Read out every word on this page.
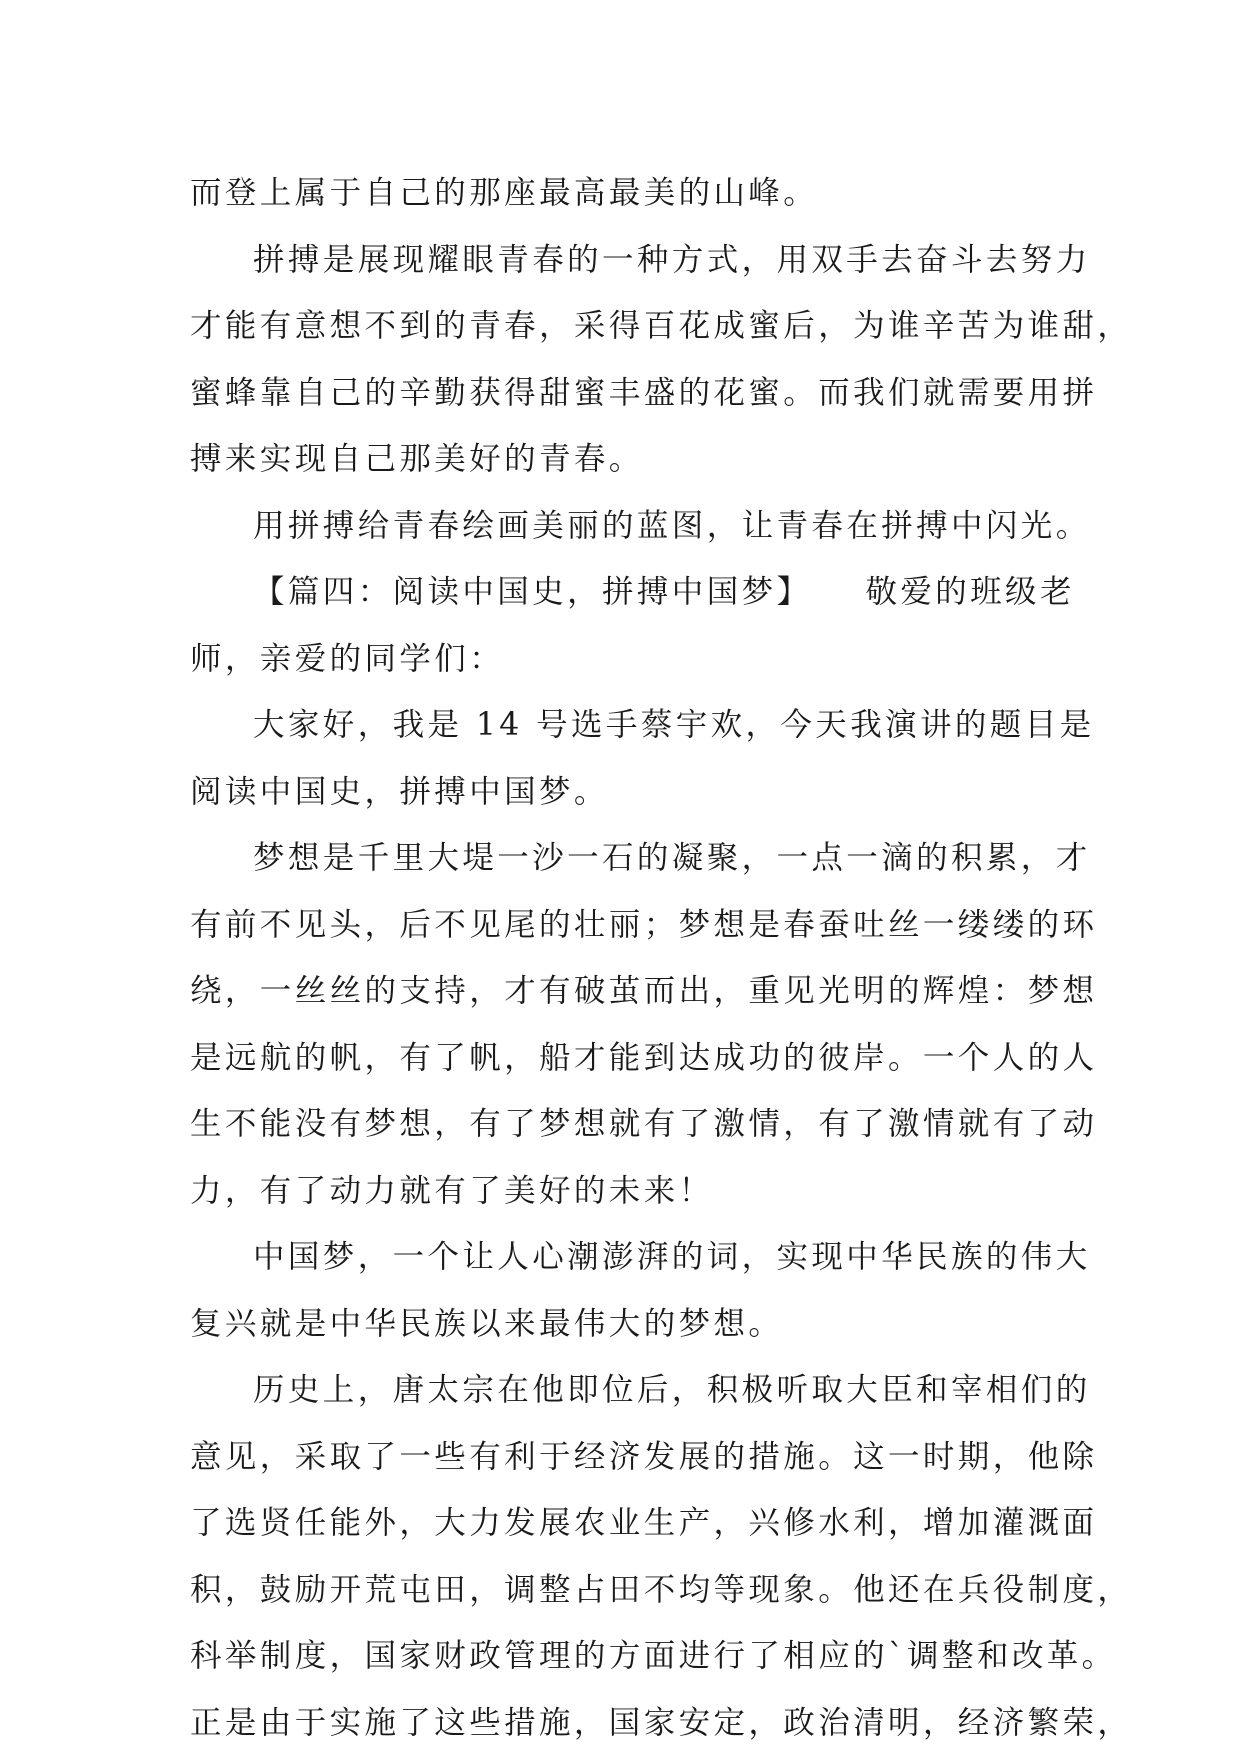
而登上属于自己的那座最高最美的山峰。
拼搏是展现耀眼青春的一种方式，用双手去奋斗去努力
才能有意想不到的青春，采得百花成蜜后，为谁辛苦为谁甜，
蜜蜂靠自己的辛勤获得甜蜜丰盛的花蜜。而我们就需要用拼
搏来实现自己那美好的青春。
用拼搏给青春绘画美丽的蓝图，让青春在拼搏中闪光。
【篇四：阅读中国史，拼搏中国梦】　　敬爱的班级老
师，亲爱的同学们：
大家好，我是 14 号选手蔡宇欢，今天我演讲的题目是
阅读中国史，拼搏中国梦。
梦想是千里大堤一沙一石的凝聚，一点一滴的积累，才
有前不见头，后不见尾的壮丽；梦想是春蚕吐丝一缕缕的环
绕，一丝丝的支持，才有破茧而出，重见光明的辉煌：梦想
是远航的帆，有了帆，船才能到达成功的彼岸。一个人的人
生不能没有梦想，有了梦想就有了激情，有了激情就有了动
力，有了动力就有了美好的未来！
中国梦，一个让人心潮澎湃的词，实现中华民族的伟大
复兴就是中华民族以来最伟大的梦想。
历史上，唐太宗在他即位后，积极听取大臣和宰相们的
意见，采取了一些有利于经济发展的措施。这一时期，他除
了选贤任能外，大力发展农业生产，兴修水利，增加灌溉面
积，鼓励开荒屯田，调整占田不均等现象。他还在兵役制度，
科举制度，国家财政管理的方面进行了相应的`调整和改革。
正是由于实施了这些措施，国家安定，政治清明，经济繁荣，
